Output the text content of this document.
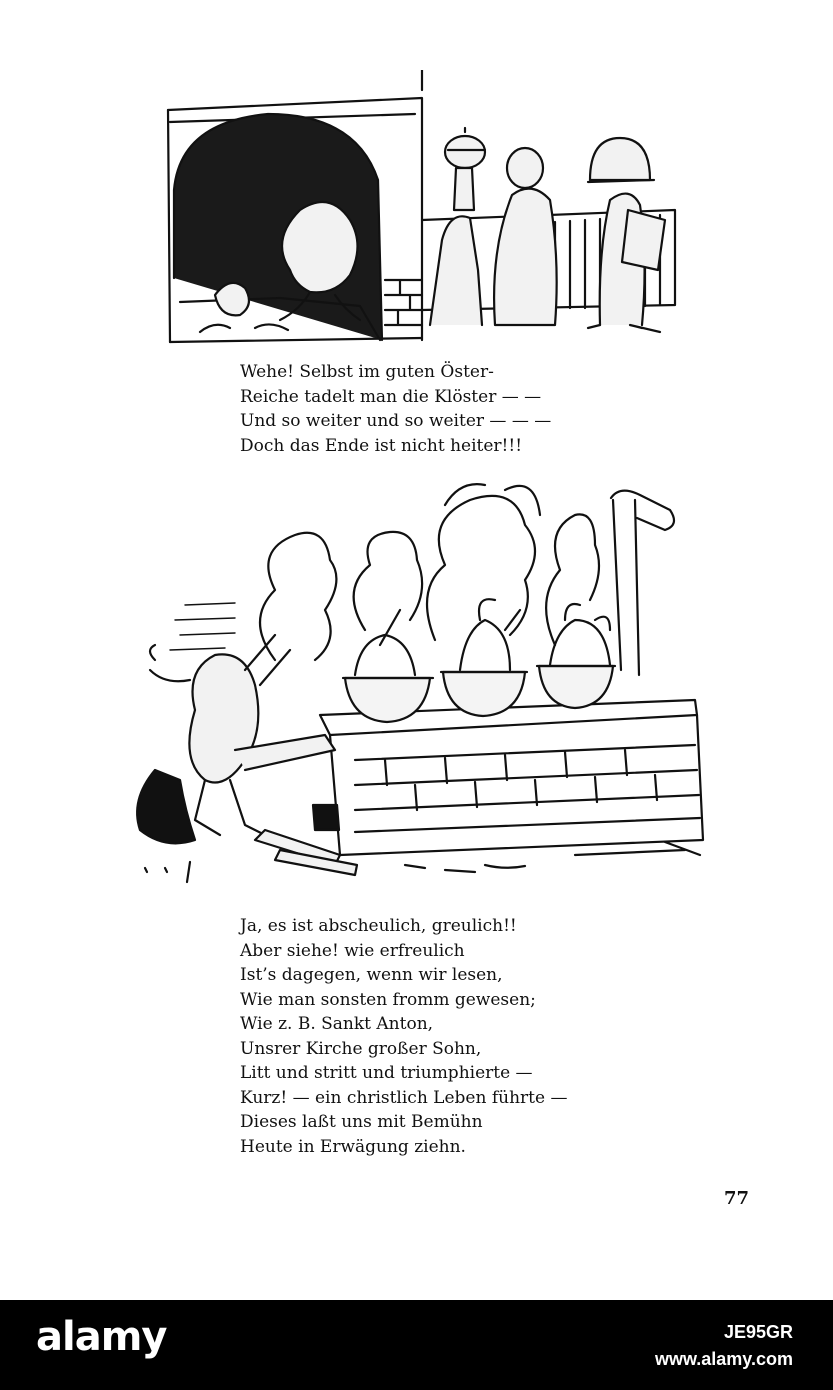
Wehe! Selbst im guten Öster-
Reiche tadelt man die Klöster — —
Und so weiter und so weiter — — —
Doch das Ende ist nicht heiter!!!
Ja, es ist abscheulich, greulich!!
Aber siehe! wie erfreulich
Ist’s dagegen, wenn wir lesen,
Wie man sonsten fromm gewesen;
Wie z. B. Sankt Anton,
Unsrer Kirche großer Sohn,
Litt und stritt und triumphierte —
Kurz! — ein christlich Leben führte —
Dieses laßt uns mit Bemühn
Heute in Erwägung ziehn.
77
alamy	JE95GR
www.alamy.com
